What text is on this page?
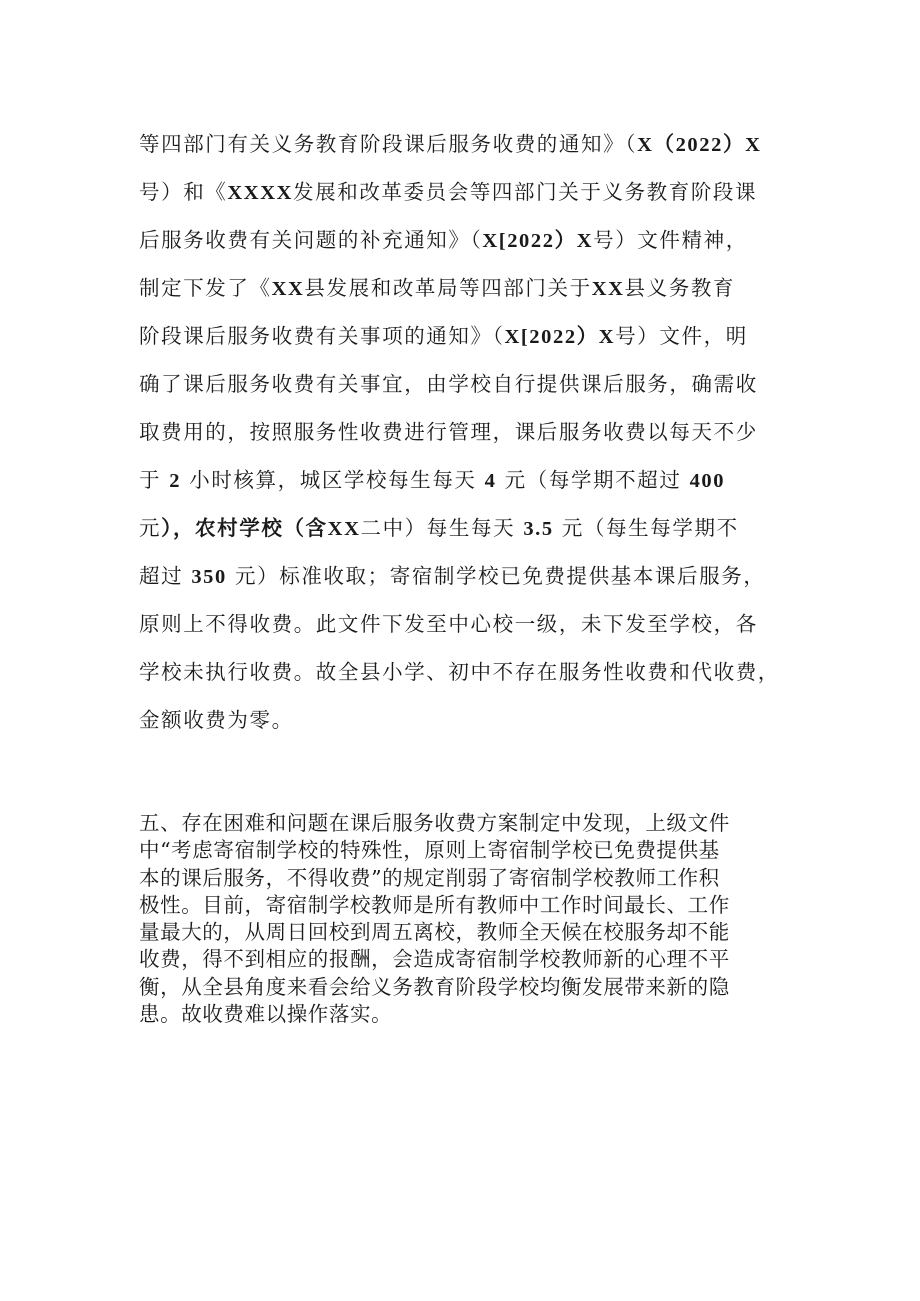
等四部门有关义务教育阶段课后服务收费的通知》（X（2022）X
号）和《XXXX发展和改革委员会等四部门关于义务教育阶段课
后服务收费有关问题的补充通知》（X[2022）X号）文件精神，
制定下发了《XX县发展和改革局等四部门关于XX县义务教育
阶段课后服务收费有关事项的通知》（X[2022）X号）文件，明
确了课后服务收费有关事宜，由学校自行提供课后服务，确需收
取费用的，按照服务性收费进行管理，课后服务收费以每天不少
于 2 小时核算，城区学校每生每天 4 元（每学期不超过 400
元），农村学校（含XX二中）每生每天 3.5 元（每生每学期不
超过 350 元）标准收取；寄宿制学校已免费提供基本课后服务，
原则上不得收费。此文件下发至中心校一级，未下发至学校，各
学校未执行收费。故全县小学、初中不存在服务性收费和代收费，
金额收费为零。
五、存在困难和问题在课后服务收费方案制定中发现，上级文件
中“考虑寄宿制学校的特殊性，原则上寄宿制学校已免费提供基
本的课后服务，不得收费”的规定削弱了寄宿制学校教师工作积
极性。目前，寄宿制学校教师是所有教师中工作时间最长、工作
量最大的，从周日回校到周五离校，教师全天候在校服务却不能
收费，得不到相应的报酬，会造成寄宿制学校教师新的心理不平
衡，从全县角度来看会给义务教育阶段学校均衡发展带来新的隐
患。故收费难以操作落实。
